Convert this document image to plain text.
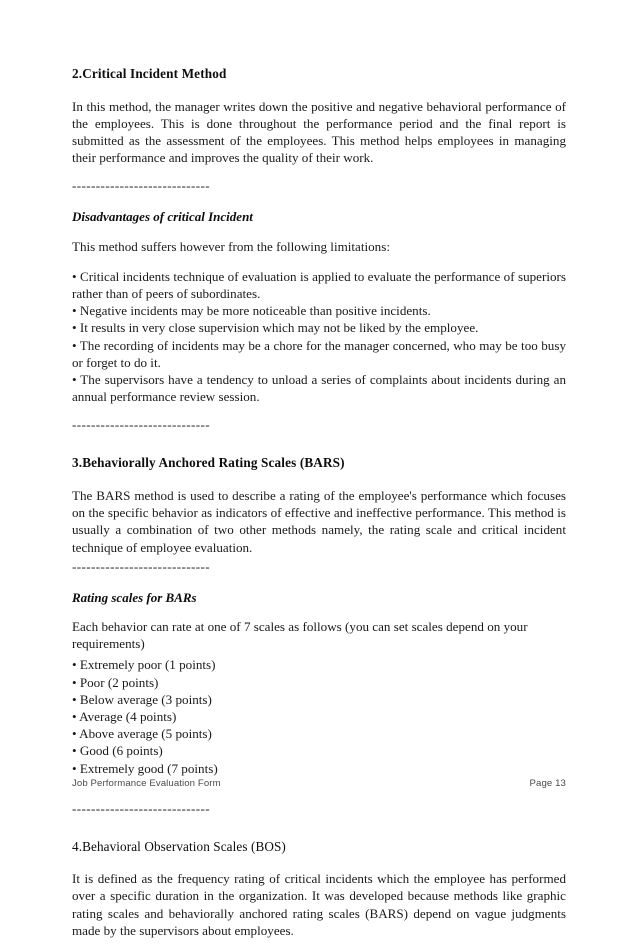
2.Critical Incident Method

In this method, the manager writes down the positive and negative behavioral performance of the employees. This is done throughout the performance period and the final report is submitted as the assessment of the employees. This method helps employees in managing their performance and improves the quality of their work.

-----------------------------
Disadvantages of critical Incident

This method suffers however from the following limitations:

• Critical incidents technique of evaluation is applied to evaluate the performance of superiors rather than of peers of subordinates.
• Negative incidents may be more noticeable than positive incidents.
• It results in very close supervision which may not be liked by the employee.
• The recording of incidents may be a chore for the manager concerned, who may be too busy or forget to do it.
• The supervisors have a tendency to unload a series of complaints about incidents during an annual performance review session.
-----------------------------
3.Behaviorally Anchored Rating Scales (BARS)

The BARS method is used to describe a rating of the employee's performance which focuses on the specific behavior as indicators of effective and ineffective performance. This method is usually a combination of two other methods namely, the rating scale and critical incident technique of employee evaluation.

-----------------------------
Rating scales for BARs

Each behavior can rate at one of 7 scales as follows (you can set scales depend on your requirements)

• Extremely poor (1 points)
• Poor (2 points)
• Below average (3 points)
• Average (4 points)
• Above average (5 points)
• Good (6 points)
• Extremely good (7 points)
-----------------------------
4.Behavioral Observation Scales (BOS)

It is defined as the frequency rating of critical incidents which the employee has performed over a specific duration in the organization. It was developed because methods like graphic rating scales and behaviorally anchored rating scales (BARS) depend on vague judgments made by the supervisors about employees.

Job Performance Evaluation Form	Page 13
